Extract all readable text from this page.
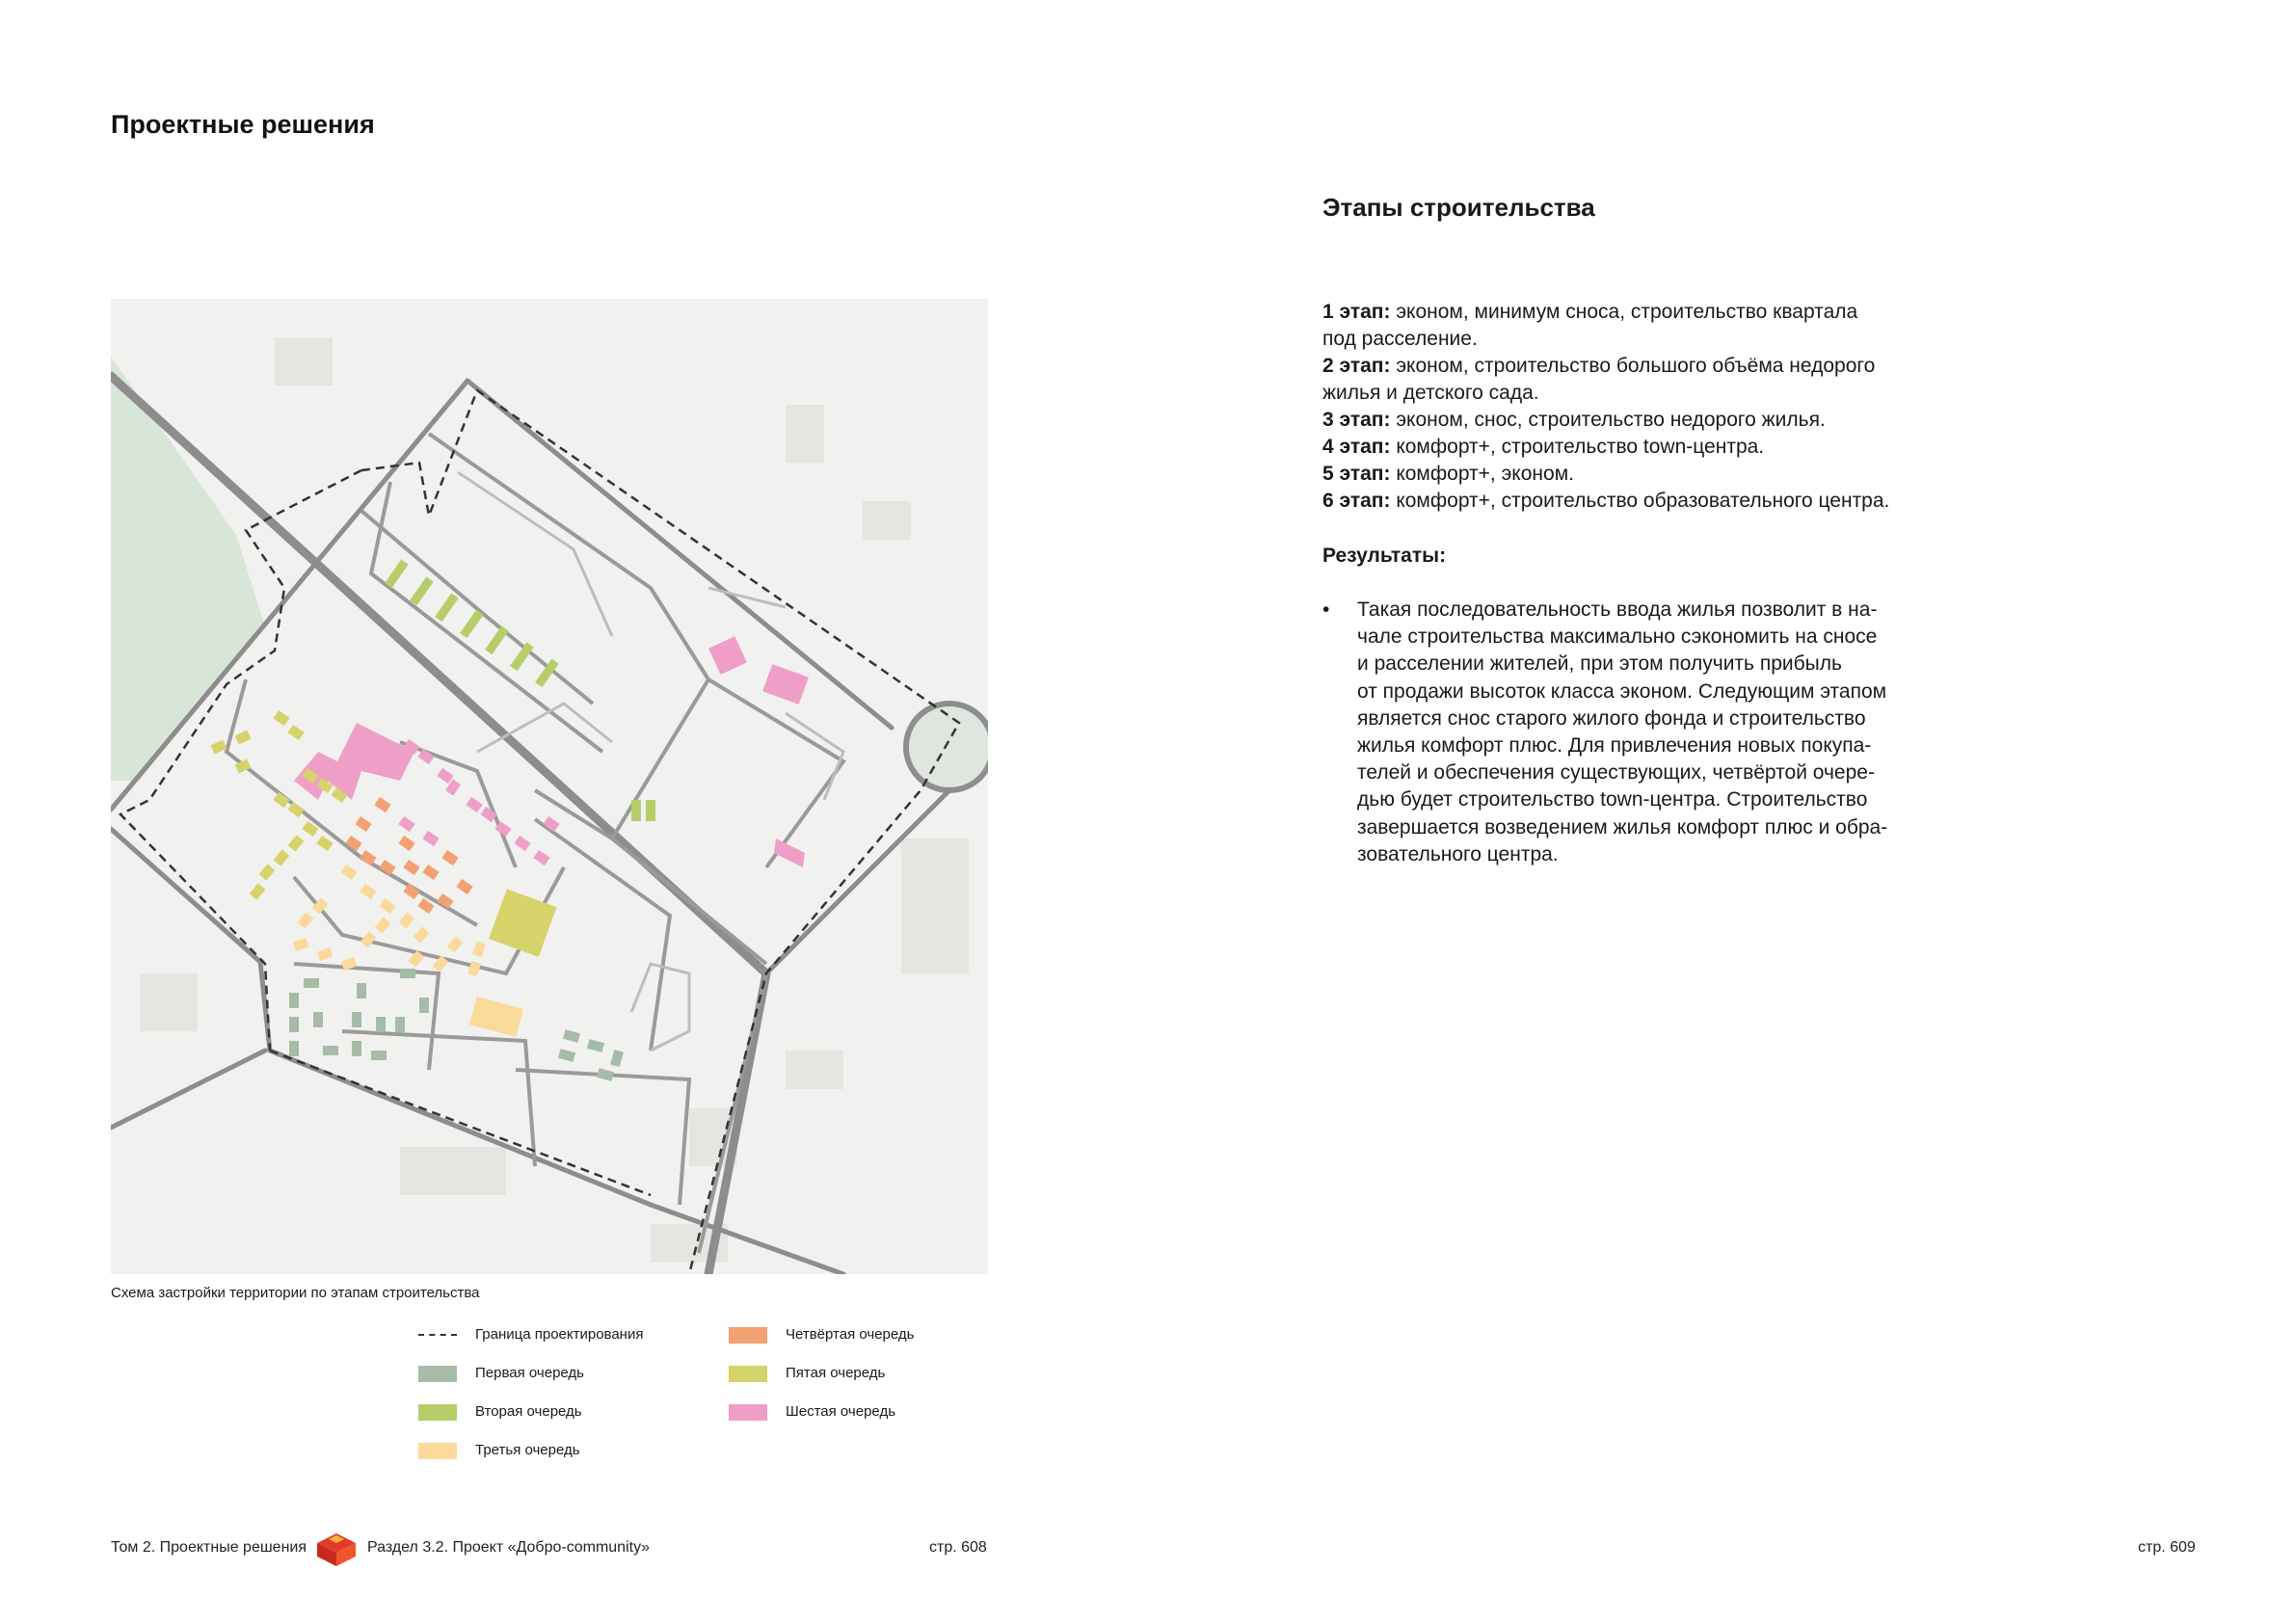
Проектные решения
Схема застройки территории по этапам строительства
Граница проектирования
Первая очередь
Вторая очередь
Третья очередь
Четвёртая очередь
Пятая очередь
Шестая очередь
Этапы строительства
1 этап: эконом, минимум сноса, строительство квартала
под расселение.
2 этап: эконом, строительство большого объёма недорого
жилья и детского сада.
3 этап: эконом, снос, строительство недорого жилья.
4 этап: комфорт+, строительство town-центра.
5 этап: комфорт+, эконом.
6 этап: комфорт+, строительство образовательного центра.
Результаты:
• Такая последовательность ввода жилья позволит в на-
чале строительства максимально сэкономить на сносе
и расселении жителей, при этом получить прибыль
от продажи высоток класса эконом. Следующим этапом
является снос старого жилого фонда и строительство
жилья комфорт плюс. Для привлечения новых покупа-
телей и обеспечения существующих, четвёртой очере-
дью будет строительство town-центра. Строительство
завершается возведением жилья комфорт плюс и обра-
зовательного центра.
Том 2. Проектные решения	Раздел 3.2. Проект «Добро-community»	стр. 608	стр. 609
